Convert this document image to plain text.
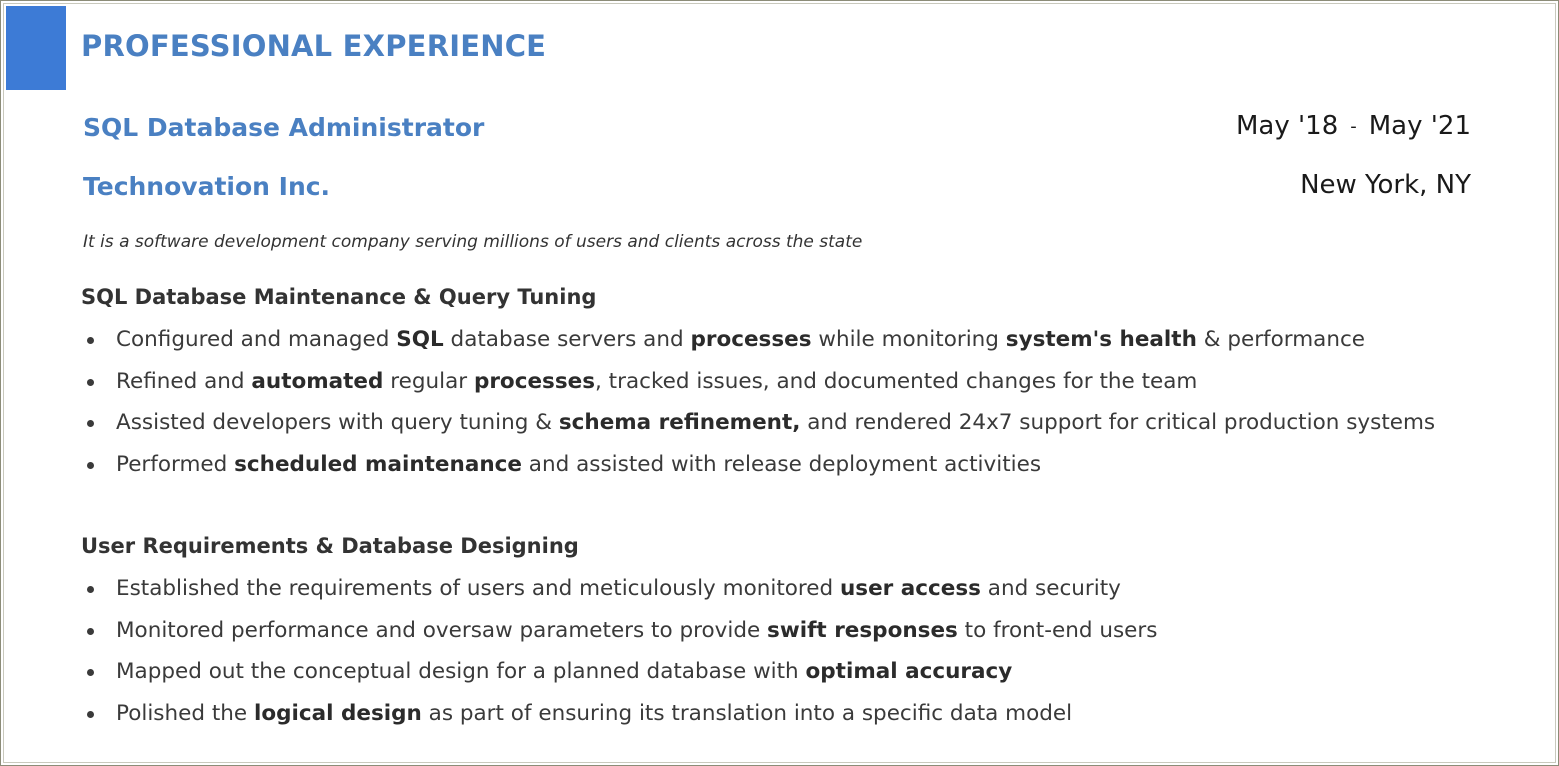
PROFESSIONAL EXPERIENCE
SQL Database Administrator
Technovation Inc.
May '18 - May '21
New York, NY
It is a software development company serving millions of users and clients across the state
SQL Database Maintenance & Query Tuning
Configured and managed SQL database servers and processes while monitoring system's health & performance
Refined and automated regular processes, tracked issues, and documented changes for the team
Assisted developers with query tuning & schema refinement, and rendered 24x7 support for critical production systems
Performed scheduled maintenance and assisted with release deployment activities
User Requirements & Database Designing
Established the requirements of users and meticulously monitored user access and security
Monitored performance and oversaw parameters to provide swift responses to front-end users
Mapped out the conceptual design for a planned database with optimal accuracy
Polished the logical design as part of ensuring its translation into a specific data model
